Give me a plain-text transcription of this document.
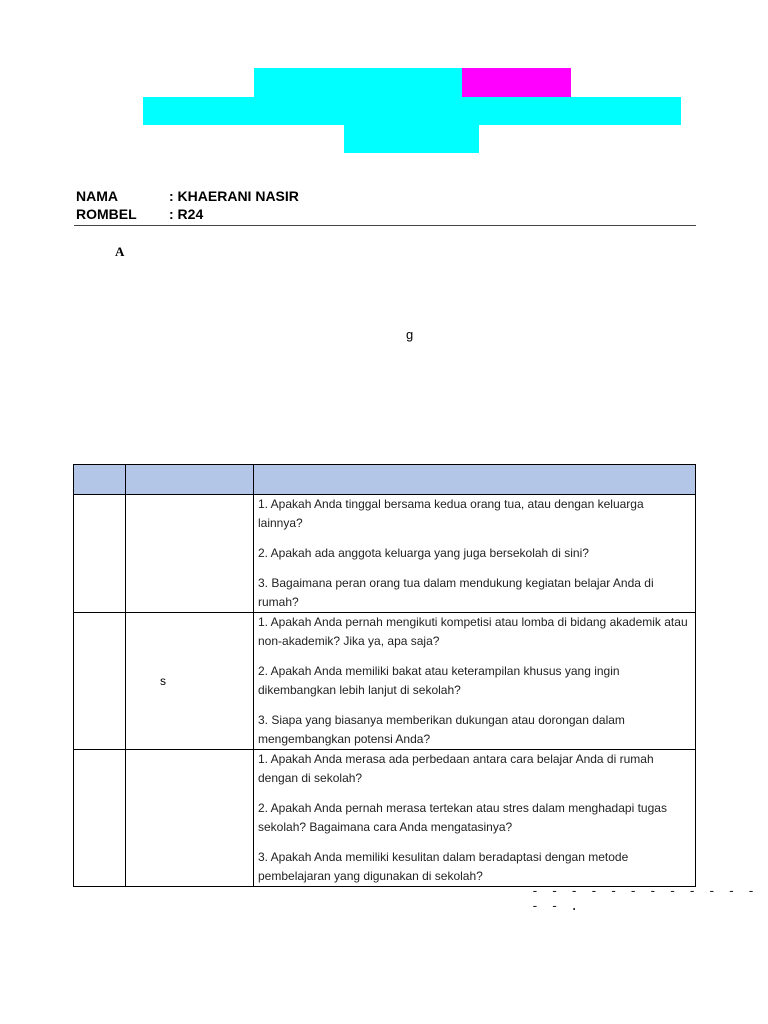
NAMA	: KHAERANI NASIR
ROMBEL : R24
A
g

		1. Apakah Anda tinggal bersama kedua orang tua, atau dengan keluarga lainnya?

2. Apakah ada anggota keluarga yang juga bersekolah di sini?

3. Bagaimana peran orang tua dalam mendukung kegiatan belajar Anda di rumah?

	s	1. Apakah Anda pernah mengikuti kompetisi atau lomba di bidang akademik atau non-akademik? Jika ya, apa saja?

2. Apakah Anda memiliki bakat atau keterampilan khusus yang ingin dikembangkan lebih lanjut di sekolah?

3. Siapa yang biasanya memberikan dukungan atau dorongan dalam mengembangkan potensi Anda?

		1. Apakah Anda merasa ada perbedaan antara cara belajar Anda di rumah dengan di sekolah?

2. Apakah Anda pernah merasa tertekan atau stres dalam menghadapi tugas sekolah? Bagaimana cara Anda mengatasinya?

3. Apakah Anda memiliki kesulitan dalam beradaptasi dengan metode pembelajaran yang digunakan di sekolah?

- - - - - - - - - - - - - - .
